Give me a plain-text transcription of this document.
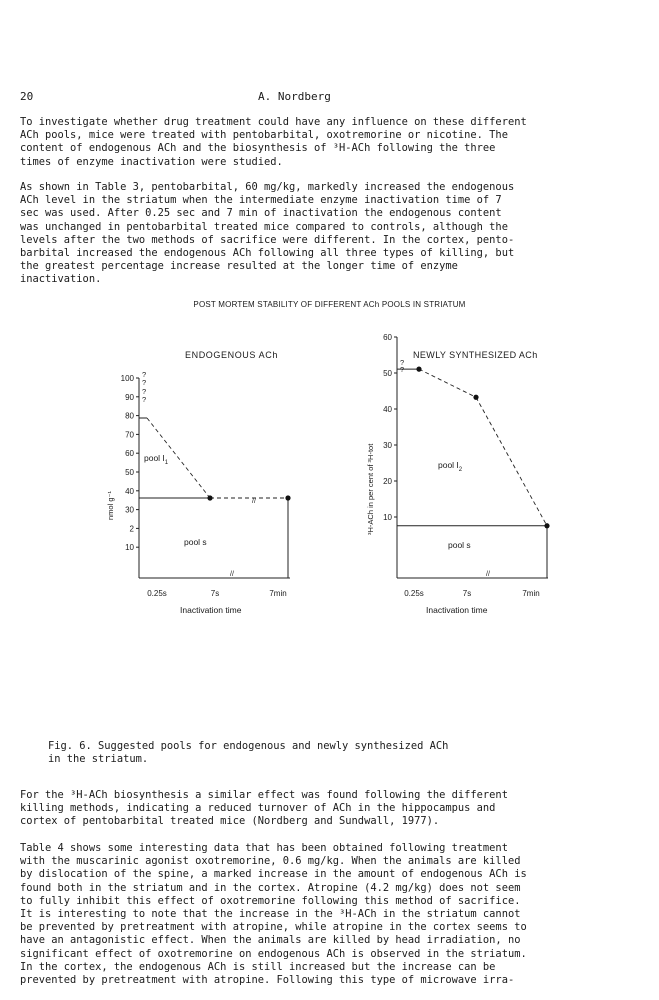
20	A. Nordberg
To investigate whether drug treatment could have any influence on these different
ACh pools, mice were treated with pentobarbital, oxotremorine or nicotine. The
content of endogenous ACh and the biosynthesis of ³H-ACh following the three
times of enzyme inactivation were studied.
As shown in Table 3, pentobarbital, 60 mg/kg, markedly increased the endogenous
ACh level in the striatum when the intermediate enzyme inactivation time of 7
sec was used. After 0.25 sec and 7 min of inactivation the endogenous content
was unchanged in pentobarbital treated mice compared to controls, although the
levels after the two methods of sacrifice were different. In the cortex, pento-
barbital increased the endogenous ACh following all three types of killing, but
the greatest percentage increase resulted at the longer time of enzyme
inactivation.
POST MORTEM STABILITY OF DIFFERENT ACh POOLS IN STRIATUM
ENDOGENOUS ACh
100
90
80
70
60
50
40
30
2
10
0.25s	7s	7min
Inactivation time
nmol g⁻¹
//
//
pool $I_1$
pool s
?
?
?
?
NEWLY SYNTHESIZED ACh
60
50
40
30
20
10
0.25s	7s	7min
Inactivation time
³H-ACh in per cent of ³H-tot
//
pool $I_2$
pool s
?
?
Fig. 6. Suggested pools for endogenous and newly synthesized ACh
in the striatum.
For the ³H-ACh biosynthesis a similar effect was found following the different
killing methods, indicating a reduced turnover of ACh in the hippocampus and
cortex of pentobarbital treated mice (Nordberg and Sundwall, 1977).
Table 4 shows some interesting data that has been obtained following treatment
with the muscarinic agonist oxotremorine, 0.6 mg/kg. When the animals are killed
by dislocation of the spine, a marked increase in the amount of endogenous ACh is
found both in the striatum and in the cortex. Atropine (4.2 mg/kg) does not seem
to fully inhibit this effect of oxotremorine following this method of sacrifice.
It is interesting to note that the increase in the ³H-ACh in the striatum cannot
be prevented by pretreatment with atropine, while atropine in the cortex seems to
have an antagonistic effect. When the animals are killed by head irradiation, no
significant effect of oxotremorine on endogenous ACh is observed in the striatum.
In the cortex, the endogenous ACh is still increased but the increase can be
prevented by pretreatment with atropine. Following this type of microwave irra-
